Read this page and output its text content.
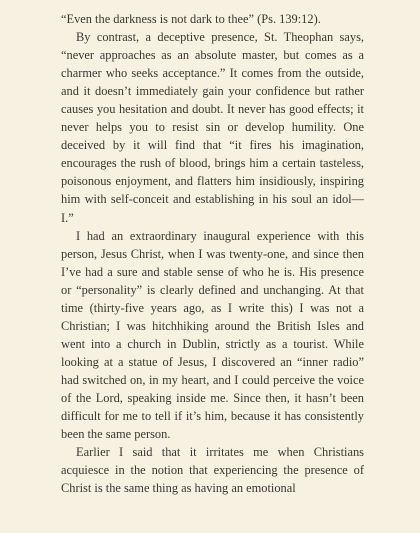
“Even the darkness is not dark to thee” (Ps. 139:12).

By contrast, a deceptive presence, St. Theophan says, “never approaches as an absolute master, but comes as a charmer who seeks acceptance.” It comes from the outside, and it doesn’t immediately gain your confidence but rather causes you hesitation and doubt. It never has good effects; it never helps you to resist sin or develop humility. One deceived by it will find that “it fires his imagination, encourages the rush of blood, brings him a certain tasteless, poisonous enjoyment, and flatters him insidiously, inspiring him with self-conceit and establishing in his soul an idol—I.”

I had an extraordinary inaugural experience with this person, Jesus Christ, when I was twenty-one, and since then I’ve had a sure and stable sense of who he is. His presence or “personality” is clearly defined and unchanging. At that time (thirty-five years ago, as I write this) I was not a Christian; I was hitchhiking around the British Isles and went into a church in Dublin, strictly as a tourist. While looking at a statue of Jesus, I discovered an “inner radio” had switched on, in my heart, and I could perceive the voice of the Lord, speaking inside me. Since then, it hasn’t been difficult for me to tell if it’s him, because it has consistently been the same person.

Earlier I said that it irritates me when Christians acquiesce in the notion that experiencing the presence of Christ is the same thing as having an emotional
